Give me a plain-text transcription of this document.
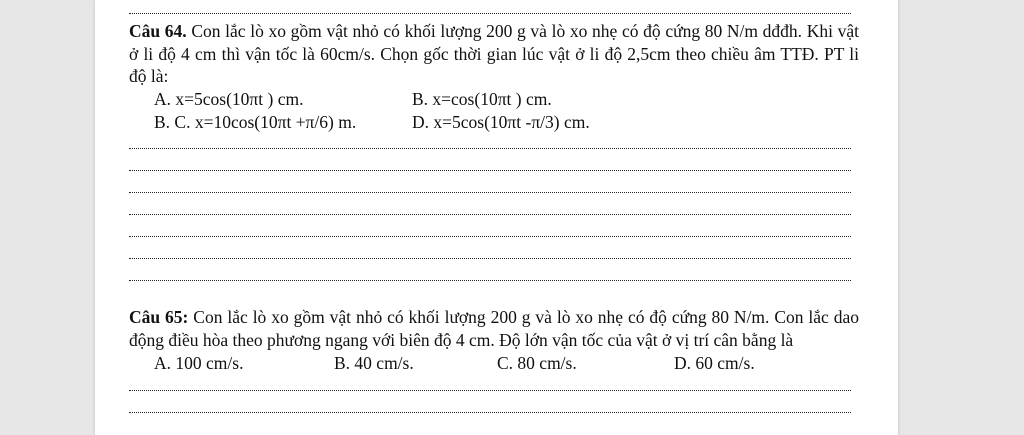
Câu 64. Con lắc lò xo gồm vật nhỏ có khối lượng 200 g và lò xo nhẹ có độ cứng 80 N/m dđđh. Khi vật ở li độ 4 cm thì vận tốc là 60cm/s. Chọn gốc thời gian lúc vật ở li độ 2,5cm theo chiều âm TTĐ. PT li độ là:

A. x=5cos(10πt ) cm.	B. x=cos(10πt ) cm.
B. C. x=10cos(10πt +π/6) m.	D. x=5cos(10πt -π/3) cm.

Câu 65: Con lắc lò xo gồm vật nhỏ có khối lượng 200 g và lò xo nhẹ có độ cứng 80 N/m. Con lắc dao động điều hòa theo phương ngang với biên độ 4 cm. Độ lớn vận tốc của vật ở vị trí cân bằng là

A. 100 cm/s.	B. 40 cm/s.	C. 80 cm/s.	D. 60 cm/s.
